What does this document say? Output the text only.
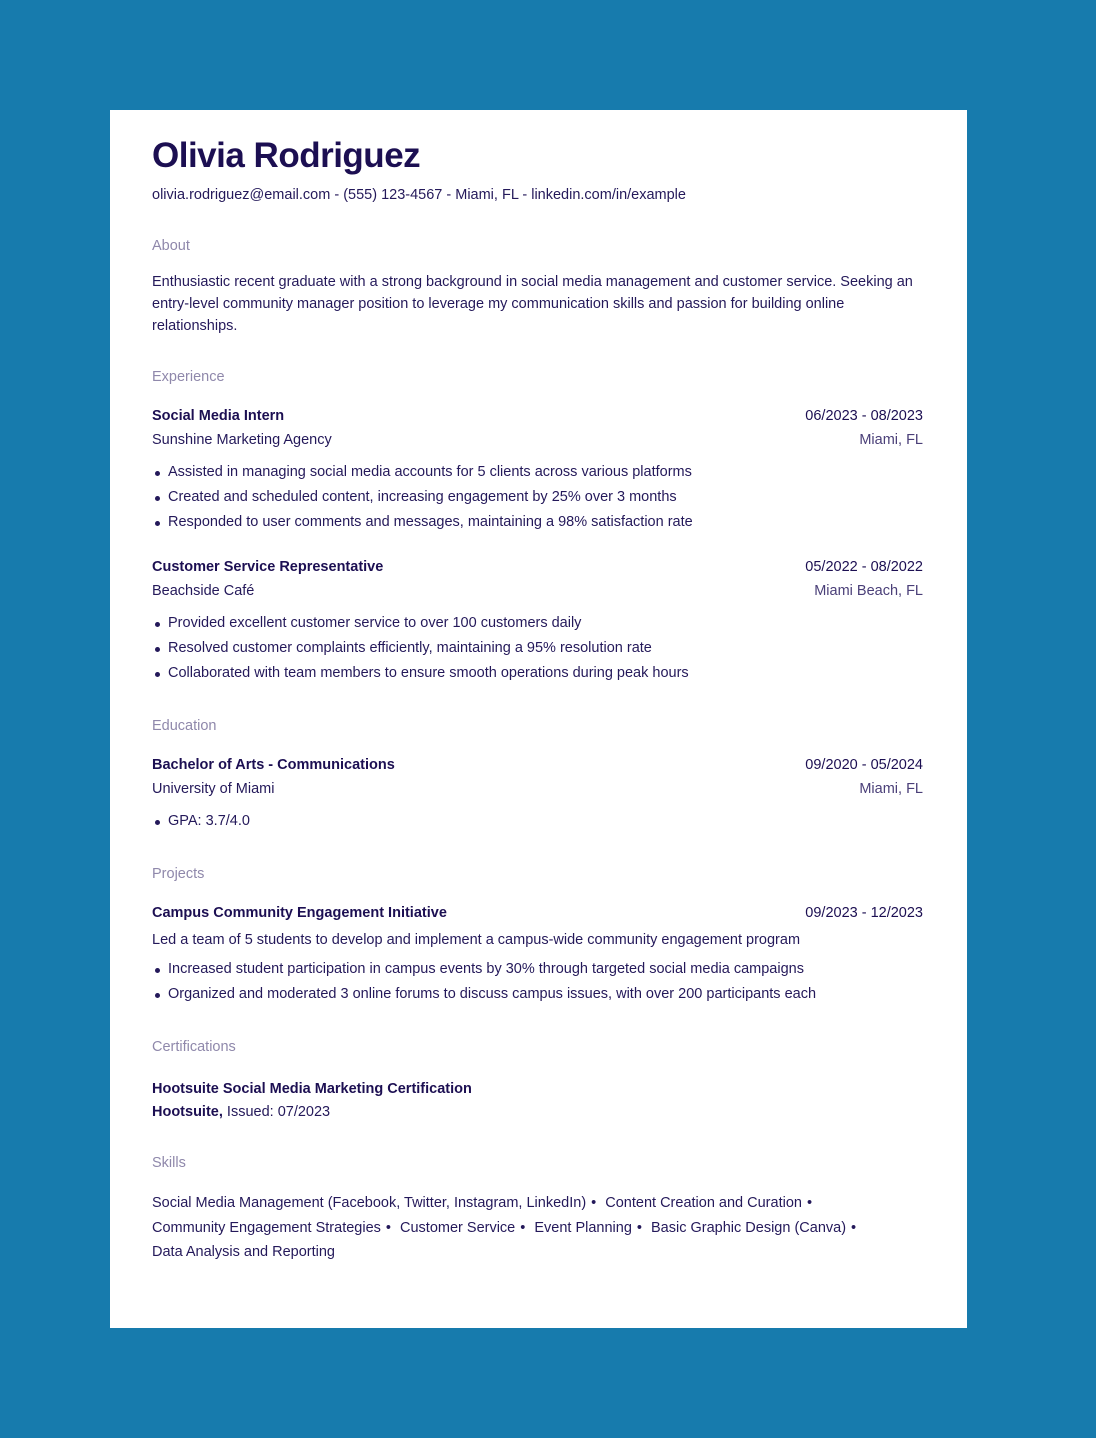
Olivia Rodriguez
olivia.rodriguez@email.com - (555) 123-4567 - Miami, FL - linkedin.com/in/example
About
Enthusiastic recent graduate with a strong background in social media management and customer service. Seeking an entry-level community manager position to leverage my communication skills and passion for building online relationships.
Experience
Social Media Intern	06/2023 - 08/2023
Sunshine Marketing Agency	Miami, FL
Assisted in managing social media accounts for 5 clients across various platforms
Created and scheduled content, increasing engagement by 25% over 3 months
Responded to user comments and messages, maintaining a 98% satisfaction rate
Customer Service Representative	05/2022 - 08/2022
Beachside Café	Miami Beach, FL
Provided excellent customer service to over 100 customers daily
Resolved customer complaints efficiently, maintaining a 95% resolution rate
Collaborated with team members to ensure smooth operations during peak hours
Education
Bachelor of Arts - Communications	09/2020 - 05/2024
University of Miami	Miami, FL
GPA: 3.7/4.0
Projects
Campus Community Engagement Initiative	09/2023 - 12/2023
Led a team of 5 students to develop and implement a campus-wide community engagement program
Increased student participation in campus events by 30% through targeted social media campaigns
Organized and moderated 3 online forums to discuss campus issues, with over 200 participants each
Certifications
Hootsuite Social Media Marketing Certification
Hootsuite, Issued: 07/2023
Skills
Social Media Management (Facebook, Twitter, Instagram, LinkedIn) • Content Creation and Curation • Community Engagement Strategies • Customer Service • Event Planning • Basic Graphic Design (Canva) • Data Analysis and Reporting
